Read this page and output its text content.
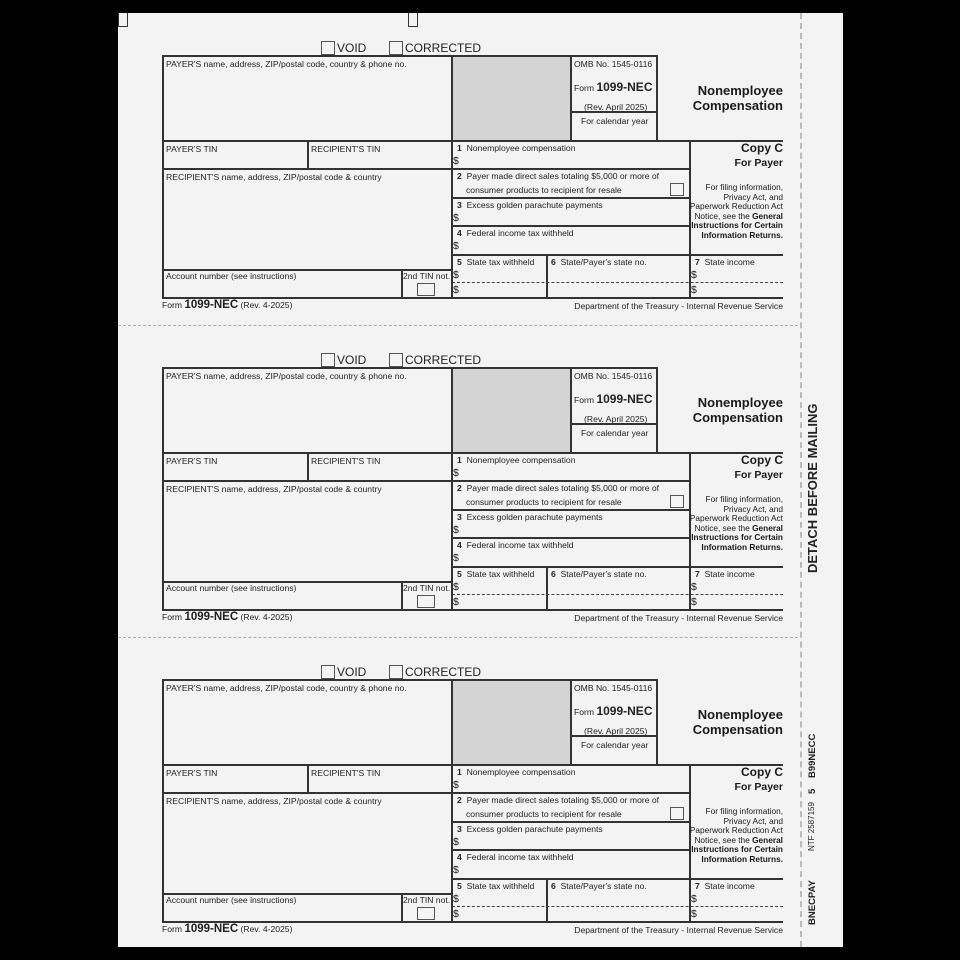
DETACH BEFORE MAILING
B99NECC
5
NTF 2587159
BNECPAY
VOID	CORRECTED
PAYER'S name, address, ZIP/postal code, country & phone no.
PAYER'S TIN	RECIPIENT'S TIN
RECIPIENT'S name, address, ZIP/postal code & country
Account number (see instructions)	2nd TIN not.
OMB No. 1545-0116
Form 1099-NEC
(Rev. April 2025)
For calendar year
Nonemployee
Compensation
1 Nonemployee compensation
$
2 Payer made direct sales totaling $5,000 or more of
consumer products to recipient for resale
3 Excess golden parachute payments
$
4 Federal income tax withheld
$
5 State tax withheld
$
$
6 State/Payer's state no.	7 State income
$
$
Copy C
For Payer
For filing information,
Privacy Act, and
Paperwork Reduction Act
Notice, see the General
Instructions for Certain
Information Returns.
Form 1099-NEC (Rev. 4-2025)	Department of the Treasury - Internal Revenue Service
VOID	CORRECTED
PAYER'S name, address, ZIP/postal code, country & phone no.
PAYER'S TIN	RECIPIENT'S TIN
RECIPIENT'S name, address, ZIP/postal code & country
Account number (see instructions)	2nd TIN not.
OMB No. 1545-0116
Form 1099-NEC
(Rev. April 2025)
For calendar year
Nonemployee
Compensation
1 Nonemployee compensation
$
2 Payer made direct sales totaling $5,000 or more of
consumer products to recipient for resale
3 Excess golden parachute payments
$
4 Federal income tax withheld
$
5 State tax withheld
$
$
6 State/Payer's state no.	7 State income
$
$
Copy C
For Payer
For filing information,
Privacy Act, and
Paperwork Reduction Act
Notice, see the General
Instructions for Certain
Information Returns.
Form 1099-NEC (Rev. 4-2025)	Department of the Treasury - Internal Revenue Service
VOID	CORRECTED
PAYER'S name, address, ZIP/postal code, country & phone no.
PAYER'S TIN	RECIPIENT'S TIN
RECIPIENT'S name, address, ZIP/postal code & country
Account number (see instructions)	2nd TIN not.
OMB No. 1545-0116
Form 1099-NEC
(Rev. April 2025)
For calendar year
Nonemployee
Compensation
1 Nonemployee compensation
$
2 Payer made direct sales totaling $5,000 or more of
consumer products to recipient for resale
3 Excess golden parachute payments
$
4 Federal income tax withheld
$
5 State tax withheld
$
$
6 State/Payer's state no.	7 State income
$
$
Copy C
For Payer
For filing information,
Privacy Act, and
Paperwork Reduction Act
Notice, see the General
Instructions for Certain
Information Returns.
Form 1099-NEC (Rev. 4-2025)	Department of the Treasury - Internal Revenue Service
